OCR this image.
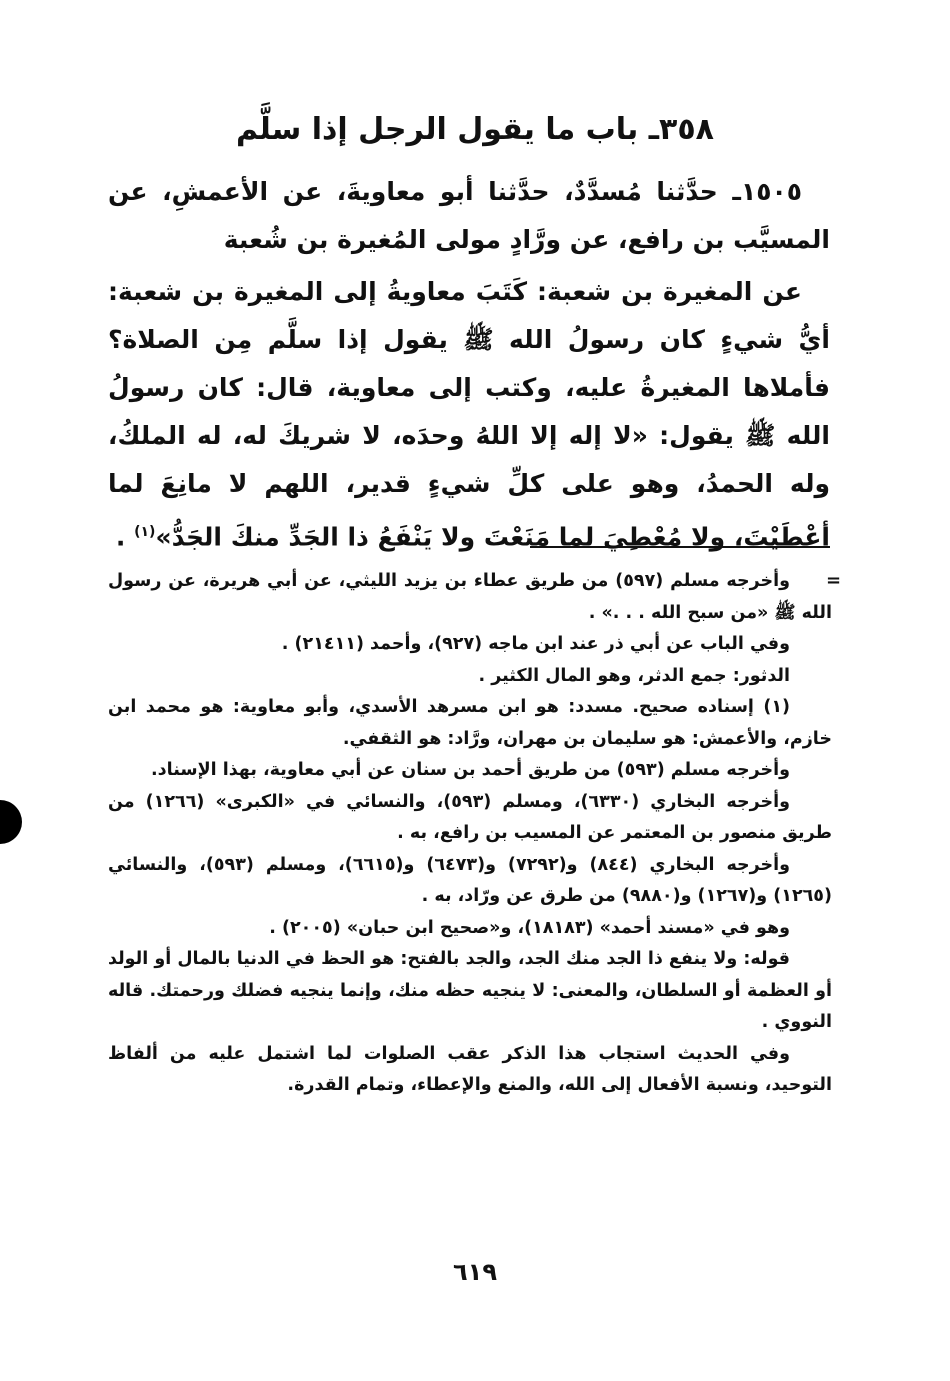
٣٥٨ـ باب ما يقول الرجل إذا سلَّم

١٥٠٥ـ حدَّثنا مُسدَّدٌ، حدَّثنا أبو معاويةَ، عن الأعمشِ، عن المسيَّب بن رافع، عن ورَّادٍ مولى المُغيرة بن شُعبة

عن المغيرة بن شعبة: كَتَبَ معاويةُ إلى المغيرة بن شعبة: أيُّ شيءٍ كان رسولُ الله ﷺ يقول إذا سلَّم مِن الصلاة؟ فأملاها المغيرةُ عليه، وكتب إلى معاوية، قال: كان رسولُ الله ﷺ يقول: «لا إله إلا اللهُ وحدَه، لا شريكَ له، له الملكُ، وله الحمدُ، وهو على كلِّ شيءٍ قدير، اللهم لا مانِعَ لما أعْطَيْتَ، ولا مُعْطِيَ لما مَنَعْتَ ولا يَنْفَعُ ذا الجَدِّ منكَ الجَدُّ»$^{(١)}$ .

=

وأخرجه مسلم (٥٩٧) من طريق عطاء بن يزيد الليثي، عن أبي هريرة، عن رسول الله ﷺ «من سبح الله . . .» .

وفي الباب عن أبي ذر عند ابن ماجه (٩٢٧)، وأحمد (٢١٤١١) .

الدثور: جمع الدثر، وهو المال الكثير .

(١) إسناده صحيح. مسدد: هو ابن مسرهد الأسدي، وأبو معاوية: هو محمد ابن خازم، والأعمش: هو سليمان بن مهران، ورَّاد: هو الثقفي.

وأخرجه مسلم (٥٩٣) من طريق أحمد بن سنان عن أبي معاوية، بهذا الإسناد.

وأخرجه البخاري (٦٣٣٠)، ومسلم (٥٩٣)، والنسائي في «الكبرى» (١٢٦٦) من طريق منصور بن المعتمر عن المسيب بن رافع، به .

وأخرجه البخاري (٨٤٤) و(٧٢٩٢) و(٦٤٧٣) و(٦٦١٥)، ومسلم (٥٩٣)، والنسائي (١٢٦٥) و(١٢٦٧) و(٩٨٨٠) من طرق عن ورّاد، به .

وهو في «مسند أحمد» (١٨١٨٣)، و«صحيح ابن حبان» (٢٠٠٥) .

قوله: ولا ينفع ذا الجد منك الجد، والجد بالفتح: هو الحظ في الدنيا بالمال أو الولد أو العظمة أو السلطان، والمعنى: لا ينجيه حظه منك، وإنما ينجيه فضلك ورحمتك. قاله النووي .

وفي الحديث استجاب هذا الذكر عقب الصلوات لما اشتمل عليه من ألفاظ التوحيد، ونسبة الأفعال إلى الله، والمنع والإعطاء، وتمام القدرة.

٦١٩
